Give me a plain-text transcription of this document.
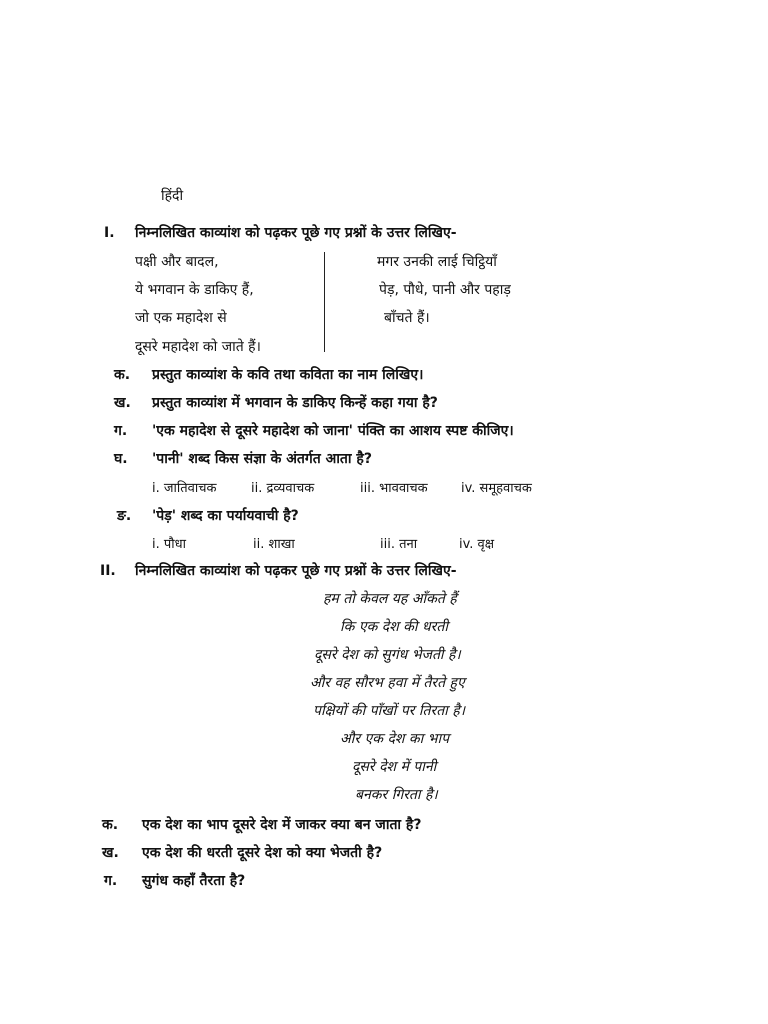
हिंदी
I. निम्नलिखित काव्यांश को पढ़कर पूछे गए प्रश्नों के उत्तर लिखिए-
पक्षी और बादल,
ये भगवान के डाकिए हैं,
जो एक महादेश से
दूसरे महादेश को जाते हैं।
मगर उनकी लाई चिट्ठियाँ
पेड़, पौधे, पानी और पहाड़
बाँचते हैं।
क. प्रस्तुत काव्यांश के कवि तथा कविता का नाम लिखिए।
ख. प्रस्तुत काव्यांश में भगवान के डाकिए किन्हें कहा गया है?
ग. 'एक महादेश से दूसरे महादेश को जाना' पंक्ति का आशय स्पष्ट कीजिए।
घ. 'पानी' शब्द किस संज्ञा के अंतर्गत आता है?
i. जातिवाचक	ii. द्रव्यवाचक	iii. भाववाचक	iv. समूहवाचक
ङ. 'पेड़' शब्द का पर्यायवाची है?
i. पौधा	ii. शाखा	iii. तना	iv. वृक्ष
II. निम्नलिखित काव्यांश को पढ़कर पूछे गए प्रश्नों के उत्तर लिखिए-
हम तो केवल यह आँकते हैं
कि एक देश की धरती
दूसरे देश को सुगंध भेजती है।
और वह सौरभ हवा में तैरते हुए
पक्षियों की पाँखों पर तिरता है।
और एक देश का भाप
दूसरे देश में पानी
बनकर गिरता है।
क. एक देश का भाप दूसरे देश में जाकर क्या बन जाता है?
ख. एक देश की धरती दूसरे देश को क्या भेजती है?
ग. सुगंध कहाँ तैरता है?
